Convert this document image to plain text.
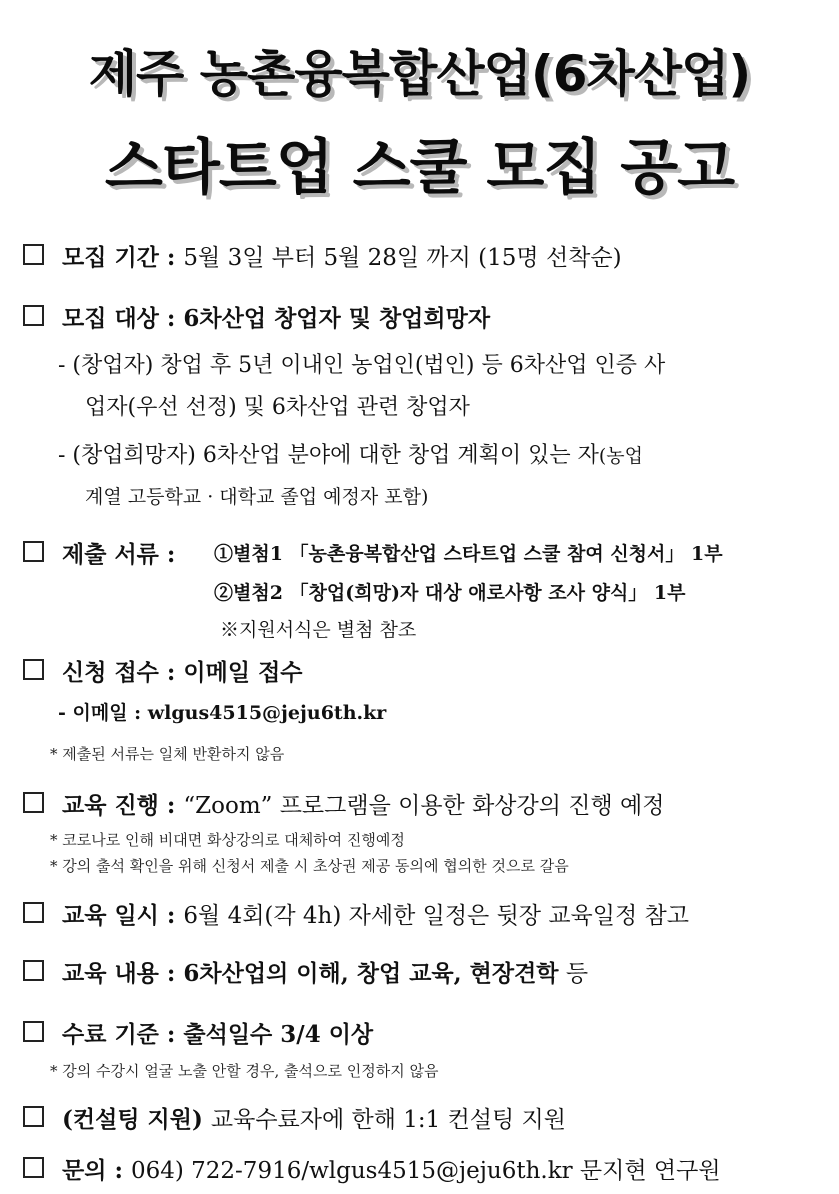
제주 농촌융복합산업(6차산업)
스타트업 스쿨 모집 공고
모집 기간 : 5월 3일 부터 5월 28일 까지 (15명 선착순)
모집 대상 : 6차산업 창업자 및 창업희망자
- (창업자) 창업 후 5년 이내인 농업인(법인) 등 6차산업 인증 사
업자(우선 선정) 및 6차산업 관련 창업자
- (창업희망자) 6차산업 분야에 대한 창업 계획이 있는 자(농업
계열 고등학교 · 대학교 졸업 예정자 포함)
제출 서류 : ①별첨1 「농촌융복합산업 스타트업 스쿨 참여 신청서」 1부
②별첨2 「창업(희망)자 대상 애로사항 조사 양식」 1부
※지원서식은 별첨 참조
신청 접수 : 이메일 접수
- 이메일 : wlgus4515@jeju6th.kr
* 제출된 서류는 일체 반환하지 않음
교육 진행 : “Zoom” 프로그램을 이용한 화상강의 진행 예정
* 코로나로 인해 비대면 화상강의로 대체하여 진행예정
* 강의 출석 확인을 위해 신청서 제출 시 초상권 제공 동의에 협의한 것으로 갈음
교육 일시 : 6월 4회(각 4h) 자세한 일정은 뒷장 교육일정 참고
교육 내용 : 6차산업의 이해, 창업 교육, 현장견학 등
수료 기준 : 출석일수 3/4 이상
* 강의 수강시 얼굴 노출 안할 경우, 출석으로 인정하지 않음
(컨설팅 지원) 교육수료자에 한해 1:1 컨설팅 지원
문의 : 064) 722-7916/wlgus4515@jeju6th.kr 문지현 연구원
